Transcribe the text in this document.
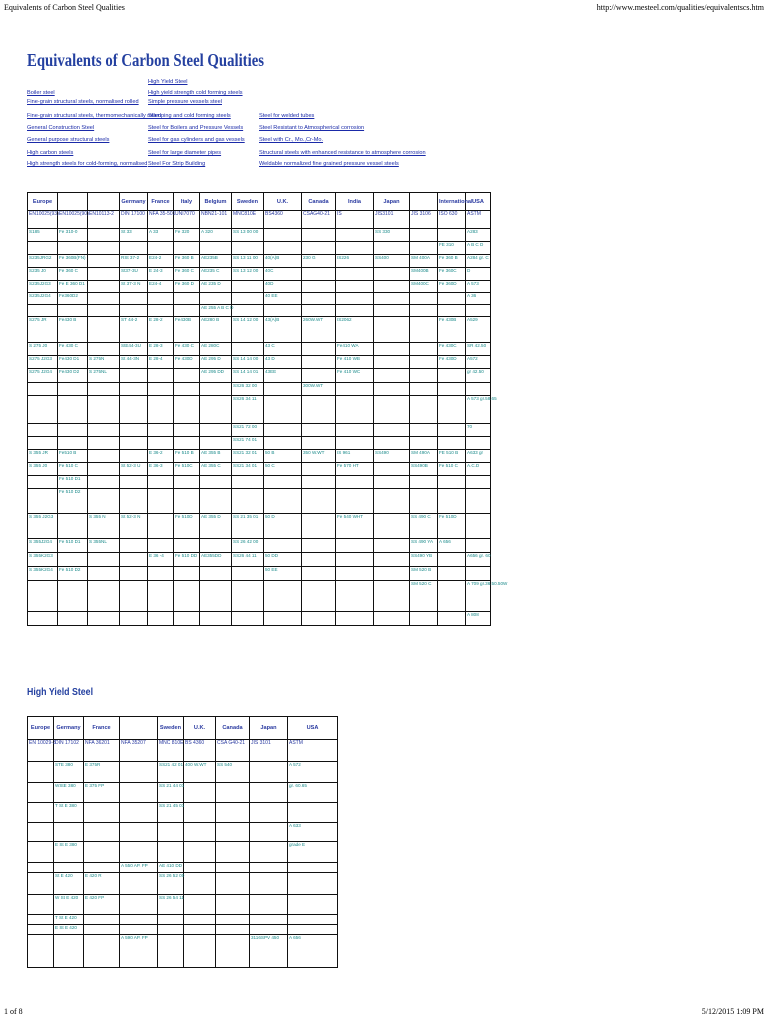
Equivalents of Carbon Steel Qualities	http://www.mesteel.com/qualities/equivalentscs.htm
Equivalents of Carbon Steel Qualities
High Yield Steel
Boiler steel	High yield strength cold forming steels
Fine-grain structural steels, normalised rolled Simple pressure vessels steel
Fine-grain structural steels, thermomechanically rolled
Stamping and cold forming steels	Steel for welded tubes
General Construction Steel	Steel for Boilers and Pressure Vessels	Steel Resistant to Atmospherical corrosion
General purpose structural steels	Steel for gas cylinders and gas vessels	Steel with Cr., Mo.,Cr-Mo.
High carbon steels	Steel for large diameter pipes	Structural steels with enhanced resistance to atmosphere corrosion
High strength steels for cold-forming, normalised Steel For Strip Building	Weldable normalized fine grained pressure vessel steels
Europe			Germany	France	Italy	Belgium	Sweden	U.K.	Canada	India	Japan		International	USA
EN10025(93)	EN10025(90)	EN10113-2	DIN 17100	NFA 35-501	UNI7070	NBN21-101	MNC810E	BS4360	CSAG40-21	IS	JIS3101	JIS 3106	ISO 630	ASTM
S185	Fe 310-0		St 33	A 33	Fe 320	A 320	SS 13 00 00				SS 330			A283
													FE 310	A B C D
S235JRG2	Fe 360B(FN)		RSt 37-2	E24-2	Fe 360 B	AE235B	SS 13 11 00	40(A)B	230 G	IS226	SS400	SM 400A	Fe 360 B	A284 gr. C
S235 J0	Fe 360 C		St37-3U	E 24-3	Fe 360 C	AE235 C	SS 13 12 00	40C				SM400B	Fe 360C	D
S235J2G3	Fe E 360 D1		St 37-3 N	E24-4	Fe 360 D	AE 235 D		40D				SM400C	Fe 360D	A 573
S235J2G4	Fe360D2							40 EE						A 36
						AE 255 A B C D								
S275 JR	Fe430 B		ST 44-2	E 28-2	Fe430B	AE280 B	SS 14 12 00	43(A)B	260W.WT	IS2062			Fe 430B	A529
S 275 J0	Fe 430 C		StE44-3U	E 28-3	Fe 430 C	AE 280C		43 C		Fe410 WA			Fe 430C	SR 42.50
S275 J2G3	Fe430 D1	S 275N	St 44-3N	E 28-4	Fe 430D	AE 295 D	SS 14 14 00	43 D		Fe 410 WB			Fe 430D	A572
S275 J2G4	Fe430 D2	S 275NL				AE 295 DD	SS 14 14 01	43EE		Fe 410 WC				gr 42.50
							SS26 32 00		300W.WT					
							SS26 34 11							A 573 gr.58.65
							SS21 72 00							70
							SS21 74 01							
S 355 JR	Fe510 B			E 36-2	Fe 510 B	AE 355 B	SS21 32 01	50 B	350 W.WT	IS 961	SS490	SM 490A	FE 510 B	A633 gr
S 355 J0	Fe 510 C		St 52-3 U	E 36-3	Fe 510C	AE 355 C	SS21 34 01	50 C		Fe 570 HT		SS490B	Fe 510 C	A.C.D
	Fe 510 D1													
	Fe 510 D2													
S 355 J2G3		S 355 N	St 52-3 N		Fe 510D	AE 355 D	SS 21 35 01	50 D		Fe 540 WHT		SS 490 C	Fe 510D	
S 355J2G4	Fe 510 D1	S 355NL					SS 26 42 00					SS 490 YA	A 656	
S 355K2G3				E 36 -4	Fe 510 DD	AE355DD	SS26 44 11	50 DD				SS490 YB		A656 gr. 60
S 355K2G4	Fe 510 D2							50 EE				SM 520 B		
												SM 520 C		A 709 gr.36.50.50W
														A 808
High Yield Steel
Europe	Germany	France		Sweden	U.K.	Canada	Japan	USA
EN 10029-3	DIN 17102	NFA 36201	NFA 35207	MNC 810E	BS 4360	CSA G40-21	JIS 3101	ASTM
	STE 380	E 375R		SS21 42 01	400 W.WT	SS 540		A 572
	WStE 380	E 375 FP		SS 21 44 01				gr. 60.65
	T St E 380			SS 21 45 01				
								A 633
	E St E 380							grade E
			A 550 AP. FP	AE 410 DD				
	St E 420	E 420 R		SS 26 52 00				
	W St E 420	E 420 FP		SS 26 54 11				
	T St E 420							
	E St E 420							
			A 590 AP. FP				3116SPV 450	A 656
1 of 8	5/12/2015 1:09 PM
